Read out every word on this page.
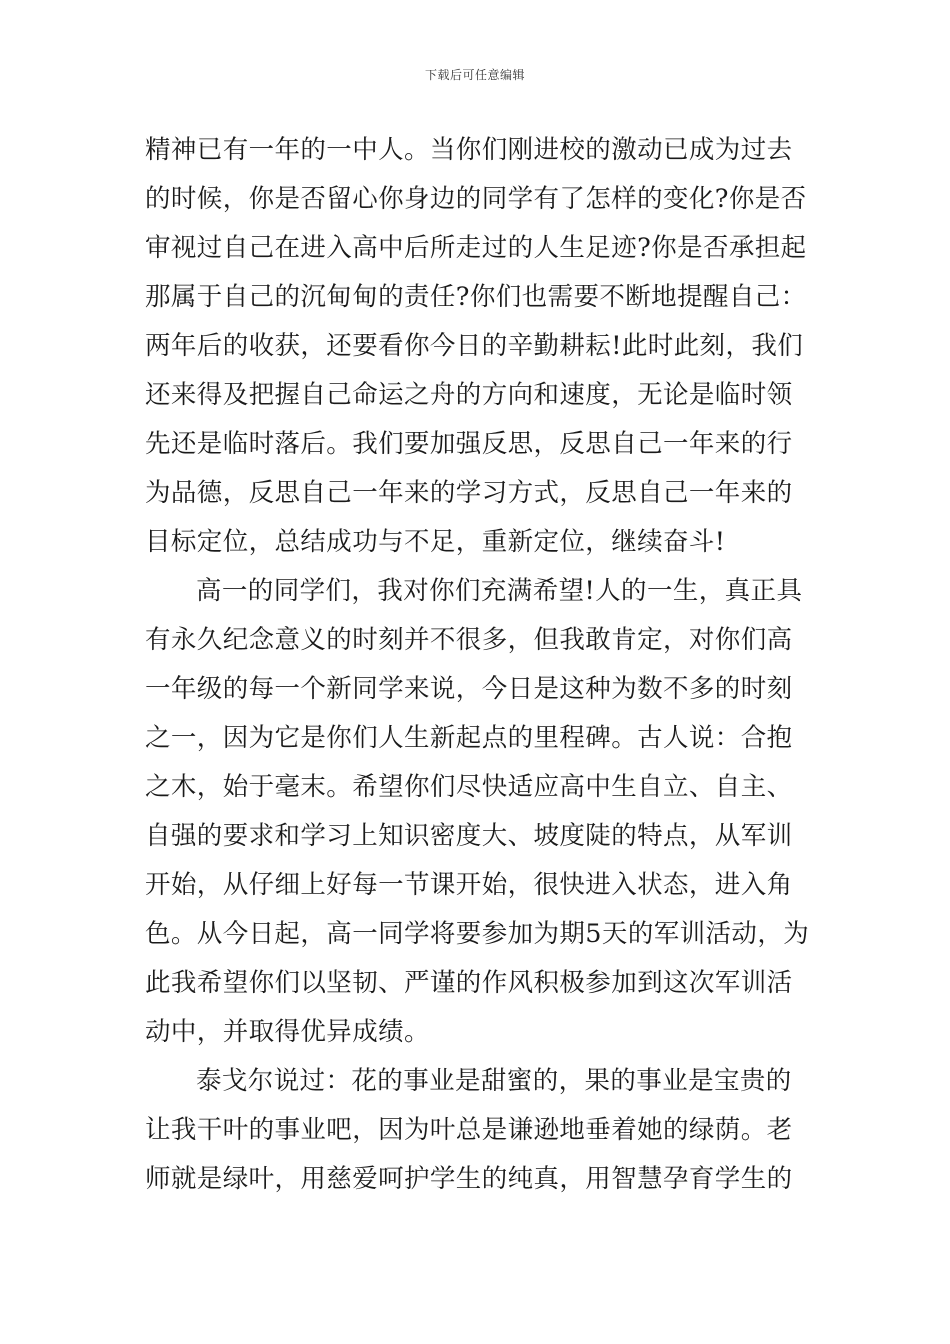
下载后可任意编辑
精神已有一年的一中人。当你们刚进校的激动已成为过去
的时候，你是否留心你身边的同学有了怎样的变化?你是否
审视过自己在进入高中后所走过的人生足迹?你是否承担起
那属于自己的沉甸甸的责任?你们也需要不断地提醒自己：
两年后的收获，还要看你今日的辛勤耕耘!此时此刻，我们
还来得及把握自己命运之舟的方向和速度，无论是临时领
先还是临时落后。我们要加强反思，反思自己一年来的行
为品德，反思自己一年来的学习方式，反思自己一年来的
目标定位，总结成功与不足，重新定位，继续奋斗!
高一的同学们，我对你们充满希望!人的一生，真正具
有永久纪念意义的时刻并不很多，但我敢肯定，对你们高
一年级的每一个新同学来说，今日是这种为数不多的时刻
之一，因为它是你们人生新起点的里程碑。古人说：合抱
之木，始于毫末。希望你们尽快适应高中生自立、自主、
自强的要求和学习上知识密度大、坡度陡的特点，从军训
开始，从仔细上好每一节课开始，很快进入状态，进入角
色。从今日起，高一同学将要参加为期5天的军训活动，为
此我希望你们以坚韧、严谨的作风积极参加到这次军训活
动中，并取得优异成绩。
泰戈尔说过：花的事业是甜蜜的，果的事业是宝贵的
让我干叶的事业吧，因为叶总是谦逊地垂着她的绿荫。老
师就是绿叶，用慈爱呵护学生的纯真，用智慧孕育学生的
